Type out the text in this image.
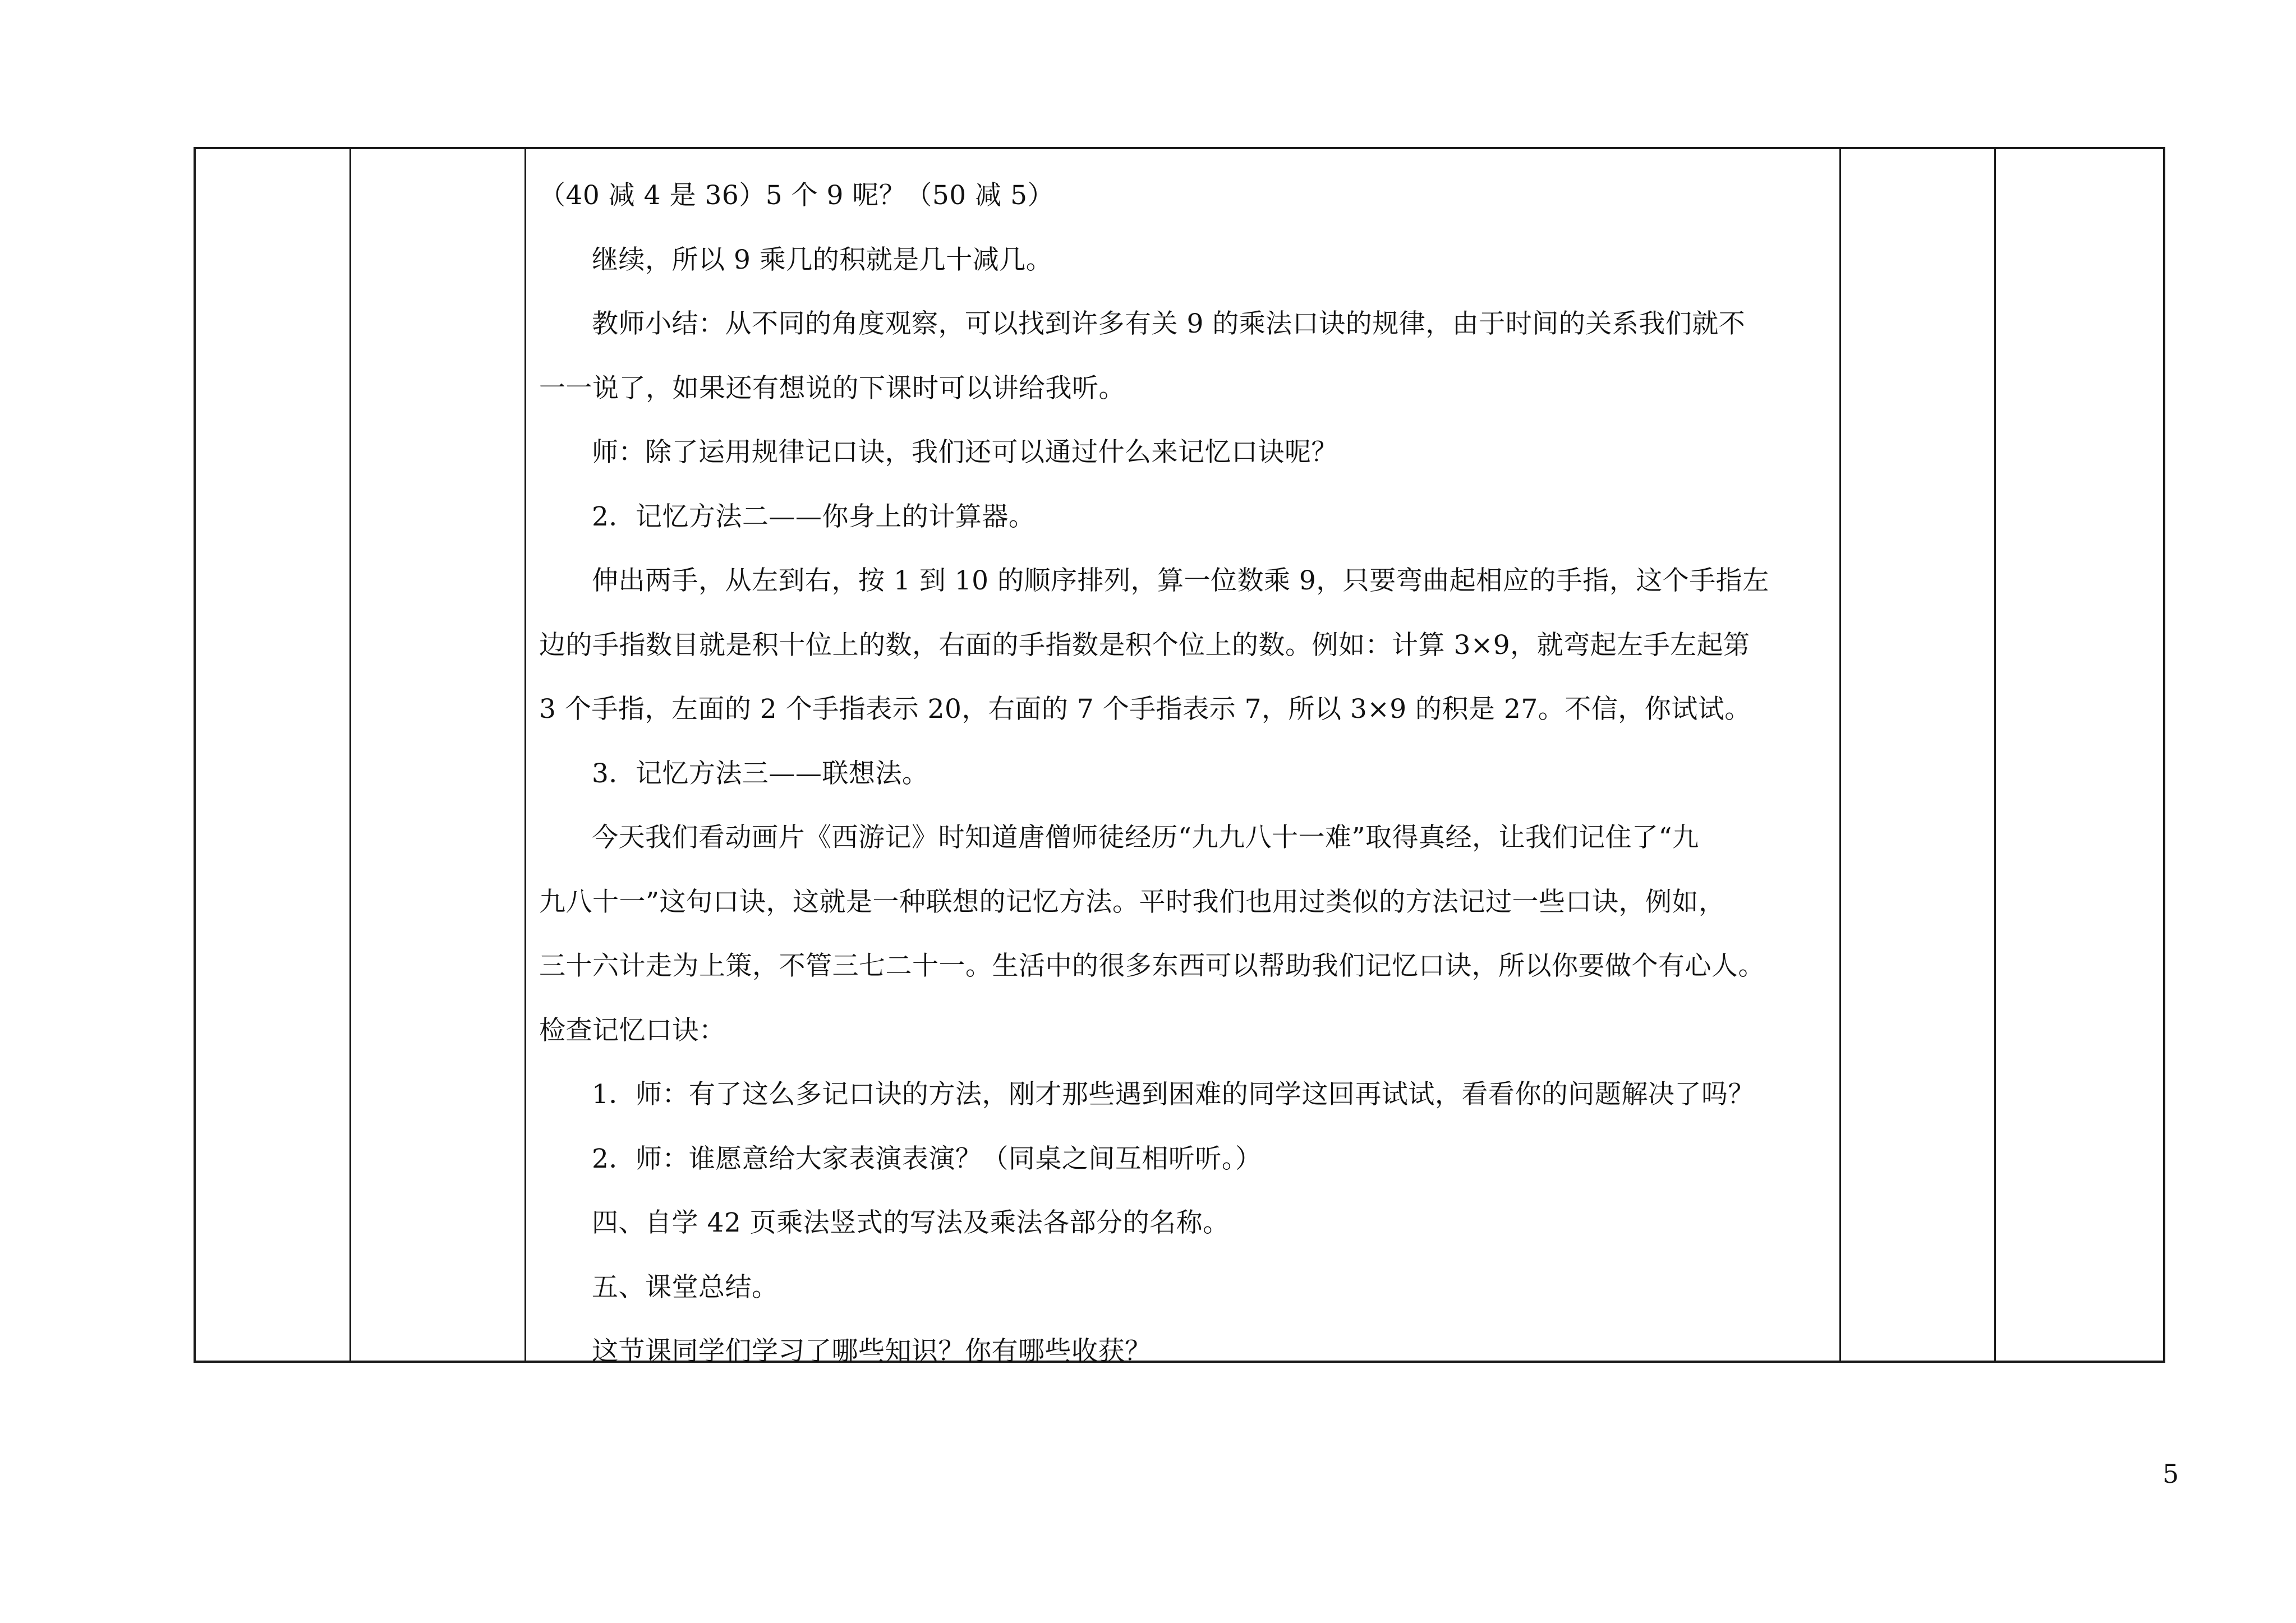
（40 减 4 是 36）5 个 9 呢？（50 减 5）
继续，所以 9 乘几的积就是几十减几。
教师小结：从不同的角度观察，可以找到许多有关 9 的乘法口诀的规律，由于时间的关系我们就不
一一说了，如果还有想说的下课时可以讲给我听。
师：除了运用规律记口诀，我们还可以通过什么来记忆口诀呢？
2．记忆方法二——你身上的计算器。
伸出两手，从左到右，按 1 到 10 的顺序排列，算一位数乘 9，只要弯曲起相应的手指，这个手指左
边的手指数目就是积十位上的数，右面的手指数是积个位上的数。例如：计算 3×9，就弯起左手左起第
3 个手指，左面的 2 个手指表示 20，右面的 7 个手指表示 7，所以 3×9 的积是 27。不信，你试试。
3．记忆方法三——联想法。
今天我们看动画片《西游记》时知道唐僧师徒经历“九九八十一难”取得真经，让我们记住了“九
九八十一”这句口诀，这就是一种联想的记忆方法。平时我们也用过类似的方法记过一些口诀，例如，
三十六计走为上策，不管三七二十一。生活中的很多东西可以帮助我们记忆口诀，所以你要做个有心人。
检查记忆口诀：
1．师：有了这么多记口诀的方法，刚才那些遇到困难的同学这回再试试，看看你的问题解决了吗？
2．师：谁愿意给大家表演表演？（同桌之间互相听听。）
四、自学 42 页乘法竖式的写法及乘法各部分的名称。
五、课堂总结。
这节课同学们学习了哪些知识？你有哪些收获？
5
